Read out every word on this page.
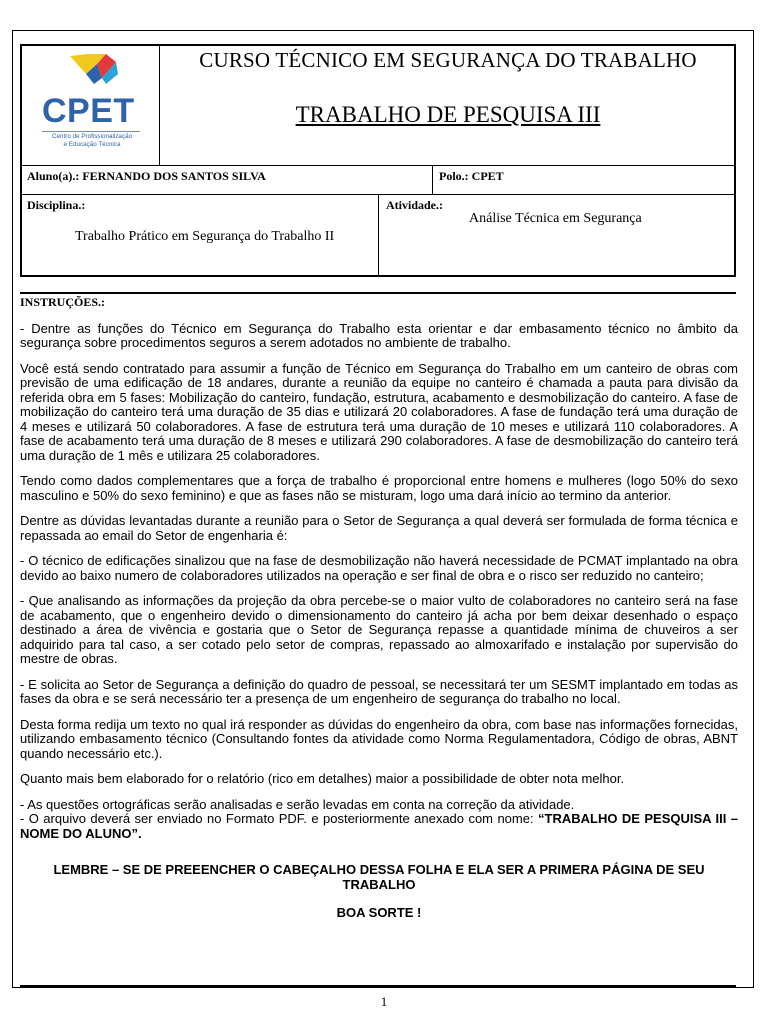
CPET
Centro de Profissionalização
e Educação Técnica
CURSO TÉCNICO EM SEGURANÇA DO TRABALHO
TRABALHO DE PESQUISA III
Aluno(a).: FERNANDO DOS SANTOS SILVA	Polo.: CPET
Disciplina.:
Trabalho Prático em Segurança do Trabalho II
Atividade.:
Análise Técnica em Segurança

INSTRUÇÕES.:

- Dentre as funções do Técnico em Segurança do Trabalho esta orientar e dar embasamento técnico no âmbito da segurança sobre procedimentos seguros a serem adotados no ambiente de trabalho.

Você está sendo contratado para assumir a função de Técnico em Segurança do Trabalho em um canteiro de obras com previsão de uma edificação de 18 andares, durante a reunião da equipe no canteiro é chamada a pauta para divisão da referida obra em 5 fases: Mobilização do canteiro, fundação, estrutura, acabamento e desmobilização do canteiro. A fase de mobilização do canteiro terá uma duração de 35 dias e utilizará 20 colaboradores. A fase de fundação terá uma duração de 4 meses e utilizará 50 colaboradores. A fase de estrutura terá uma duração de 10 meses e utilizará 110 colaboradores. A fase de acabamento terá uma duração de 8 meses e utilizará 290 colaboradores. A fase de desmobilização do canteiro terá uma duração de 1 mês e utilizara 25 colaboradores.

Tendo como dados complementares que a força de trabalho é proporcional entre homens e mulheres (logo 50% do sexo masculino e 50% do sexo feminino) e que as fases não se misturam, logo uma dará início ao termino da anterior.

Dentre as dúvidas levantadas durante a reunião para o Setor de Segurança a qual deverá ser formulada de forma técnica e repassada ao email do Setor de engenharia é:

- O técnico de edificações sinalizou que na fase de desmobilização não haverá necessidade de PCMAT implantado na obra devido ao baixo numero de colaboradores utilizados na operação e ser final de obra e o risco ser reduzido no canteiro;

- Que analisando as informações da projeção da obra percebe-se o maior vulto de colaboradores no canteiro será na fase de acabamento, que o engenheiro devido o dimensionamento do canteiro já acha por bem deixar desenhado o espaço destinado a área de vivência e gostaria que o Setor de Segurança repasse a quantidade mínima de chuveiros a ser adquirido para tal caso, a ser cotado pelo setor de compras, repassado ao almoxarifado e instalação por supervisão do mestre de obras.

- E solicita ao Setor de Segurança a definição do quadro de pessoal, se necessitará ter um SESMT implantado em todas as fases da obra e se será necessário ter a presença de um engenheiro de segurança do trabalho no local.

Desta forma redija um texto no qual irá responder as dúvidas do engenheiro da obra, com base nas informações fornecidas, utilizando embasamento técnico (Consultando fontes da atividade como Norma Regulamentadora, Código de obras, ABNT quando necessário etc.).

Quanto mais bem elaborado for o relatório (rico em detalhes) maior a possibilidade de obter nota melhor.

- As questões ortográficas serão analisadas e serão levadas em conta na correção da atividade.
- O arquivo deverá ser enviado no Formato PDF. e posteriormente anexado com nome: “TRABALHO DE PESQUISA III – NOME DO ALUNO”.

LEMBRE – SE DE PREEENCHER O CABEÇALHO DESSA FOLHA E ELA SER A PRIMERA PÁGINA DE SEU TRABALHO

BOA SORTE !

1
